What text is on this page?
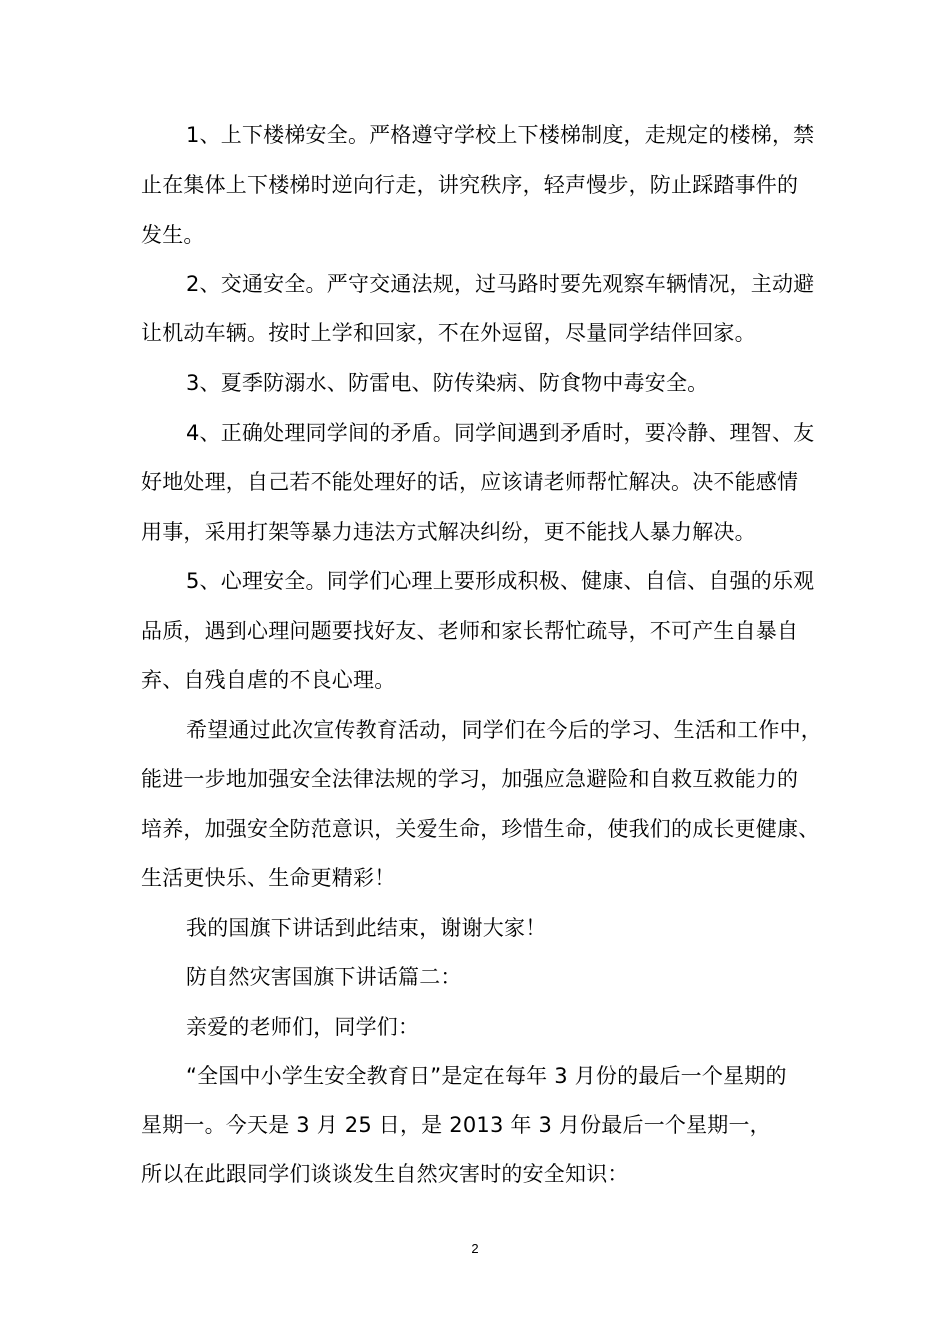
1、上下楼梯安全。严格遵守学校上下楼梯制度，走规定的楼梯，禁
止在集体上下楼梯时逆向行走，讲究秩序，轻声慢步，防止踩踏事件的
发生。
2、交通安全。严守交通法规，过马路时要先观察车辆情况，主动避
让机动车辆。按时上学和回家，不在外逗留，尽量同学结伴回家。
3、夏季防溺水、防雷电、防传染病、防食物中毒安全。
4、正确处理同学间的矛盾。同学间遇到矛盾时，要冷静、理智、友
好地处理，自己若不能处理好的话，应该请老师帮忙解决。决不能感情
用事，采用打架等暴力违法方式解决纠纷，更不能找人暴力解决。
5、心理安全。同学们心理上要形成积极、健康、自信、自强的乐观
品质，遇到心理问题要找好友、老师和家长帮忙疏导，不可产生自暴自
弃、自残自虐的不良心理。
希望通过此次宣传教育活动，同学们在今后的学习、生活和工作中，
能进一步地加强安全法律法规的学习，加强应急避险和自救互救能力的
培养，加强安全防范意识，关爱生命，珍惜生命，使我们的成长更健康、
生活更快乐、生命更精彩！
我的国旗下讲话到此结束，谢谢大家！
防自然灾害国旗下讲话篇二：
亲爱的老师们，同学们：
“全国中小学生安全教育日”是定在每年 3 月份的最后一个星期的
星期一。今天是 3 月 25 日，是 2013 年 3 月份最后一个星期一，
所以在此跟同学们谈谈发生自然灾害时的安全知识：
2
